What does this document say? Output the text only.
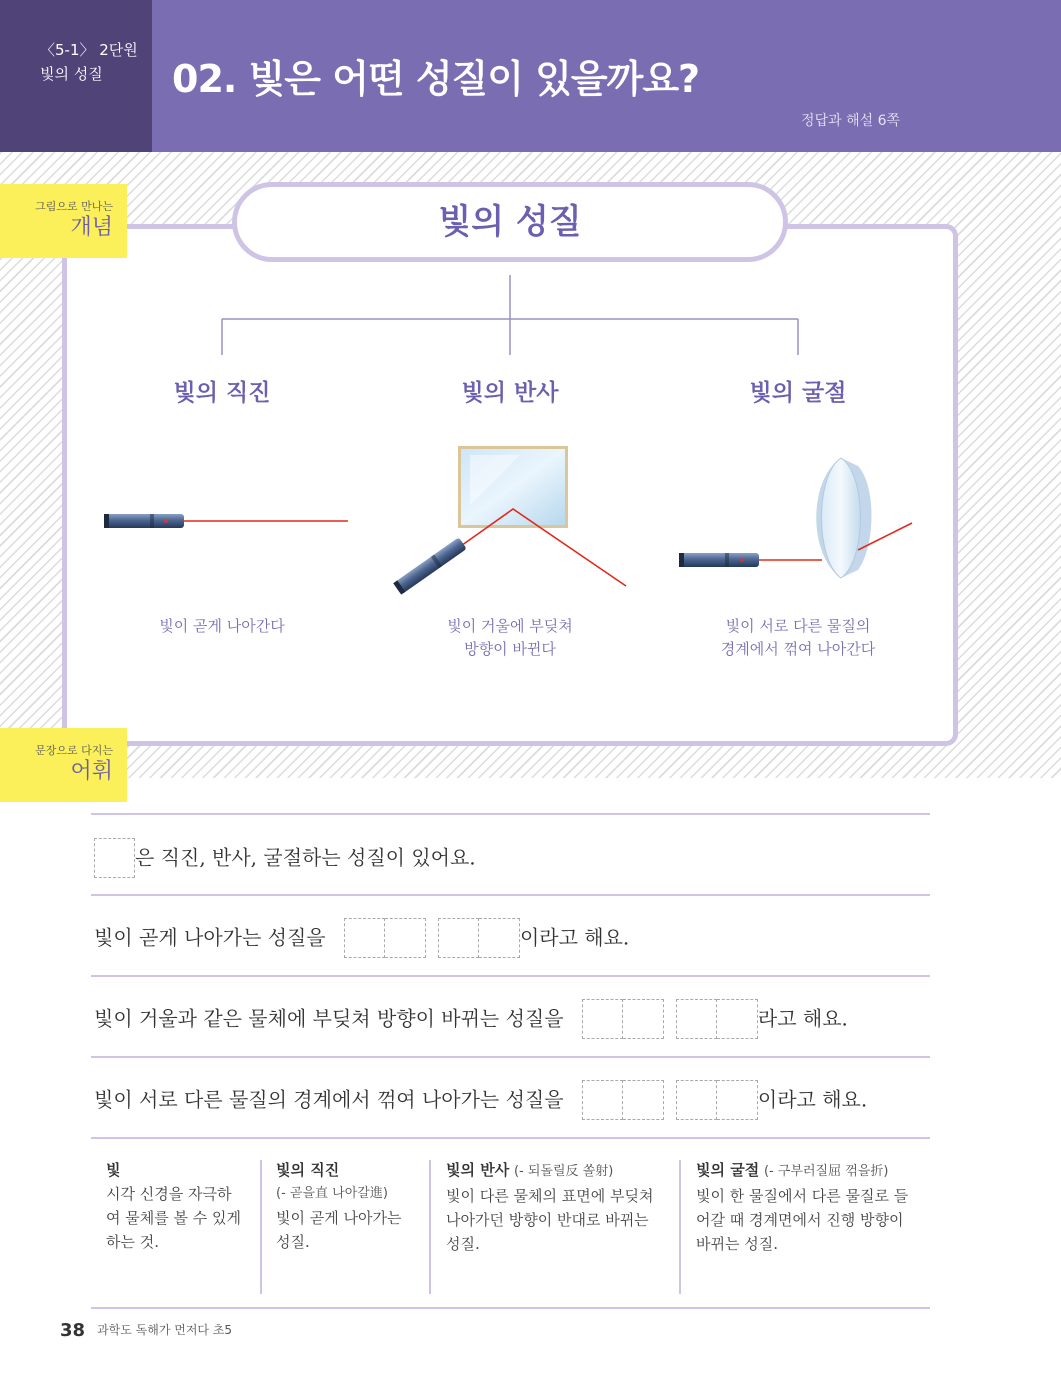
〈5-1〉 2단원
빛의 성질	02. 빛은 어떤 성질이 있을까요?
정답과 해설 6쪽
빛의 성질
그림으로 만나는
개념
빛의 직진	빛의 반사	빛의 굴절
빛이 곧게 나아간다	빛이 거울에 부딪쳐
방향이 바뀐다
빛이 서로 다른 물질의
경계에서 꺾여 나아간다
문장으로 다지는
어휘
은 직진, 반사, 굴절하는 성질이 있어요.
빛이 곧게 나아가는 성질을	이라고 해요.
빛이 거울과 같은 물체에 부딪쳐 방향이 바뀌는 성질을	라고 해요.
빛이 서로 다른 물질의 경계에서 꺾여 나아가는 성질을	이라고 해요.
빛
시각 신경을 자극하
여 물체를 볼 수 있게
하는 것.
빛의 직진
(- 곧을直 나아갈進)
빛이 곧게 나아가는
성질.
빛의 반사 (- 되돌릴反 쏠射)
빛이 다른 물체의 표면에 부딪쳐
나아가던 방향이 반대로 바뀌는
성질.
빛의 굴절 (- 구부러질屈 꺾을折)
빛이 한 물질에서 다른 물질로 들
어갈 때 경계면에서 진행 방향이
바뀌는 성질.
38 과학도 독해가 먼저다 초5
